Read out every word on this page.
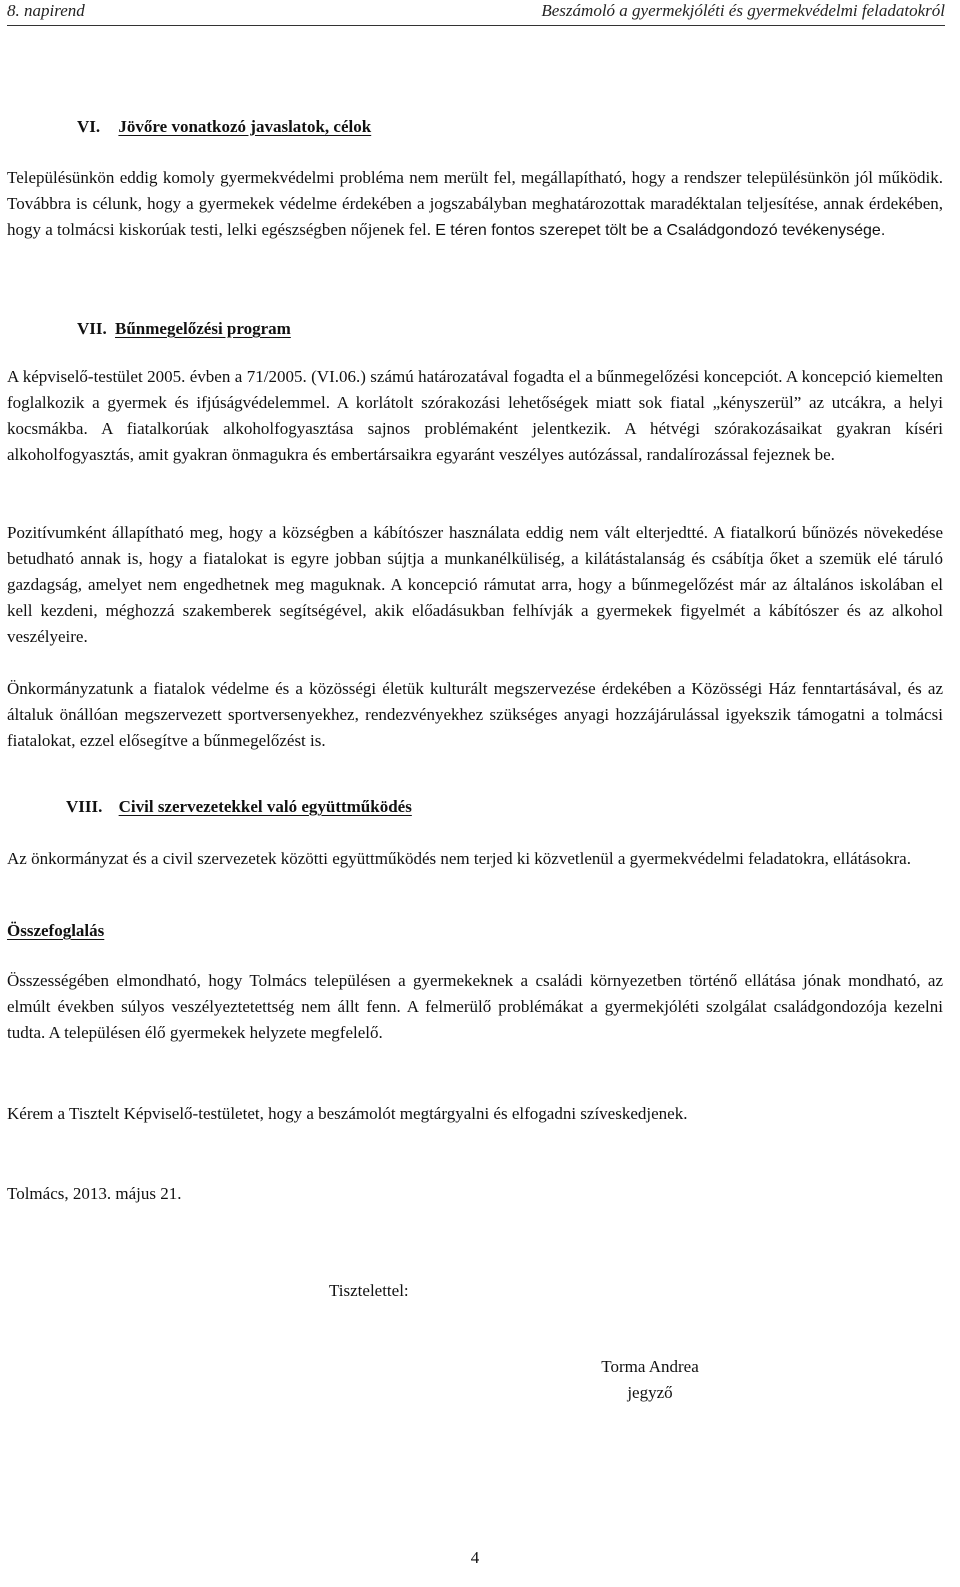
8. napirend	Beszámoló a gyermekjóléti és gyermekvédelmi feladatokról
VI. Jövőre vonatkozó javaslatok, célok
Településünkön eddig komoly gyermekvédelmi probléma nem merült fel, megállapítható, hogy a rendszer településünkön jól működik. Továbbra is célunk, hogy a gyermekek védelme érdekében a jogszabályban meghatározottak maradéktalan teljesítése, annak érdekében, hogy a tolmácsi kiskorúak testi, lelki egészségben nőjenek fel. E téren fontos szerepet tölt be a Családgondozó tevékenysége.
VII. Bűnmegelőzési program
A képviselő-testület 2005. évben a 71/2005. (VI.06.) számú határozatával fogadta el a bűnmegelőzési koncepciót. A koncepció kiemelten foglalkozik a gyermek és ifjúságvédelemmel. A korlátolt szórakozási lehetőségek miatt sok fiatal „kényszerül” az utcákra, a helyi kocsmákba. A fiatalkorúak alkoholfogyasztása sajnos problémaként jelentkezik. A hétvégi szórakozásaikat gyakran kíséri alkoholfogyasztás, amit gyakran önmagukra és embertársaikra egyaránt veszélyes autózással, randalírozással fejeznek be.
Pozitívumként állapítható meg, hogy a községben a kábítószer használata eddig nem vált elterjedtté. A fiatalkorú bűnözés növekedése betudható annak is, hogy a fiatalokat is egyre jobban sújtja a munkanélküliség, a kilátástalanság és csábítja őket a szemük elé táruló gazdagság, amelyet nem engedhetnek meg maguknak. A koncepció rámutat arra, hogy a bűnmegelőzést már az általános iskolában el kell kezdeni, méghozzá szakemberek segítségével, akik előadásukban felhívják a gyermekek figyelmét a kábítószer és az alkohol veszélyeire.
Önkormányzatunk a fiatalok védelme és a közösségi életük kulturált megszervezése érdekében a Közösségi Ház fenntartásával, és az általuk önállóan megszervezett sportversenyekhez, rendezvényekhez szükséges anyagi hozzájárulással igyekszik támogatni a tolmácsi fiatalokat, ezzel elősegítve a bűnmegelőzést is.
VIII. Civil szervezetekkel való együttműködés
Az önkormányzat és a civil szervezetek közötti együttműködés nem terjed ki közvetlenül a gyermekvédelmi feladatokra, ellátásokra.
Összefoglalás
Összességében elmondható, hogy Tolmács településen a gyermekeknek a családi környezetben történő ellátása jónak mondható, az elmúlt években súlyos veszélyeztetettség nem állt fenn. A felmerülő problémákat a gyermekjóléti szolgálat családgondozója kezelni tudta. A településen élő gyermekek helyzete megfelelő.
Kérem a Tisztelt Képviselő-testületet, hogy a beszámolót megtárgyalni és elfogadni szíveskedjenek.
Tolmács, 2013. május 21.
Tisztelettel:
Torma Andrea
jegyző
4
